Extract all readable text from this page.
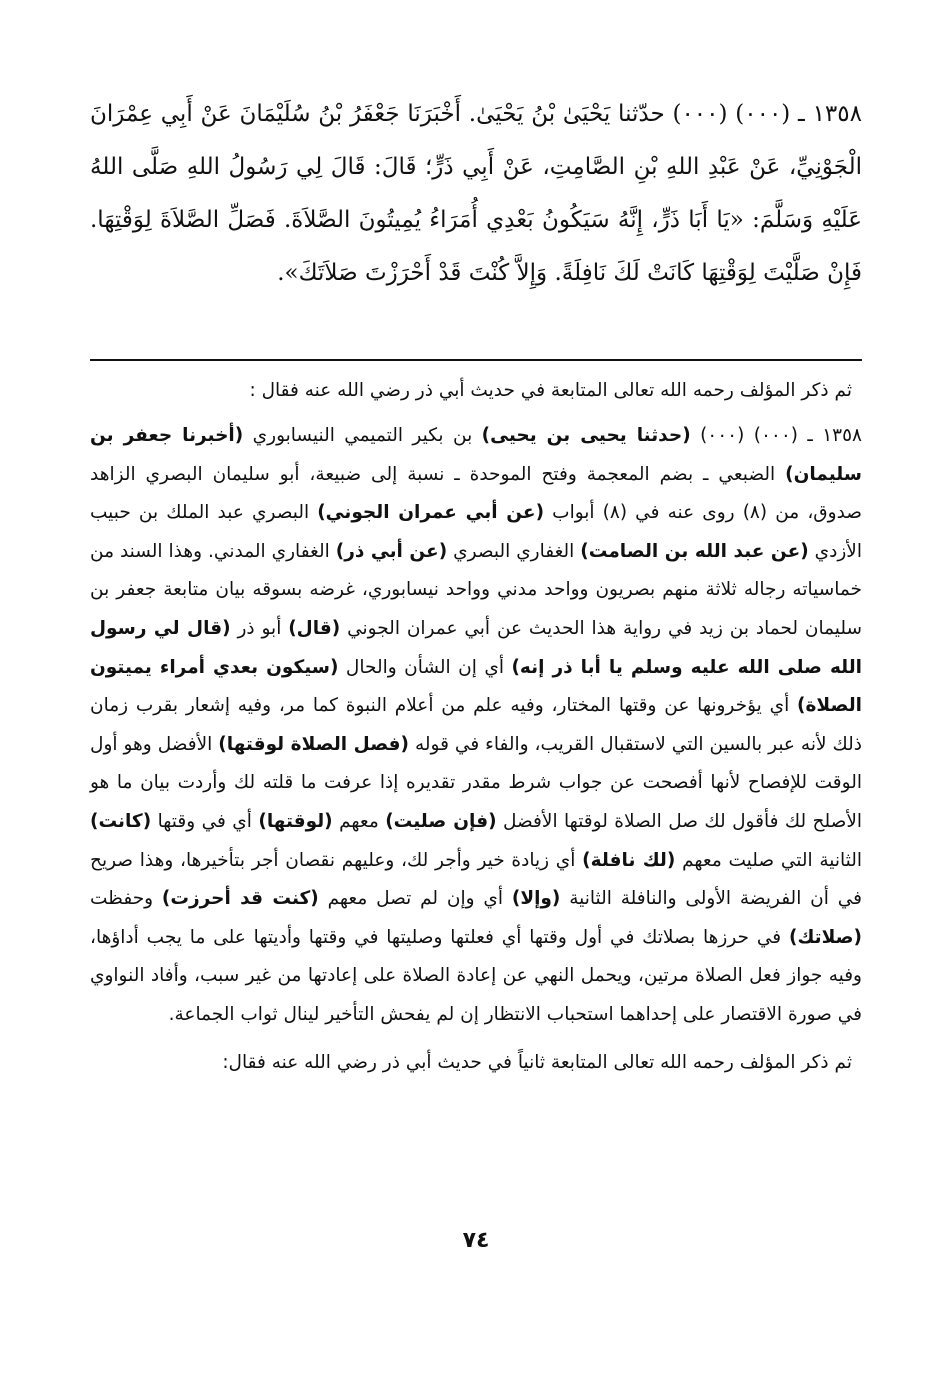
١٣٥٨ ـ (٠٠٠) (٠٠٠) حدّثنا يَحْيَىٰ بْنُ يَحْيَىٰ. أَخْبَرَنَا جَعْفَرُ بْنُ سُلَيْمَانَ عَنْ أَبِي عِمْرَانَ الْجَوْنِيِّ، عَنْ عَبْدِ اللهِ بْنِ الصَّامِتِ، عَنْ أَبِي ذَرٍّ؛ قَالَ: قَالَ لِي رَسُولُ اللهِ صَلَّى اللهُ عَلَيْهِ وَسَلَّمَ: «يَا أَبَا ذَرٍّ، إِنَّهُ سَيَكُونُ بَعْدِي أُمَرَاءُ يُمِيتُونَ الصَّلاَةَ. فَصَلِّ الصَّلاَةَ لِوَقْتِهَا. فَإِنْ صَلَّيْتَ لِوَقْتِهَا كَانَتْ لَكَ نَافِلَةً. وَإِلاَّ كُنْتَ قَدْ أَحْرَزْتَ صَلاَتَكَ».

ثم ذكر المؤلف رحمه الله تعالى المتابعة في حديث أبي ذر رضي الله عنه فقال :

١٣٥٨ ـ (٠٠٠) (٠٠٠) (حدثنا يحيى بن يحيى) بن بكير التميمي النيسابوري (أخبرنا جعفر بن سليمان) الضبعي ـ بضم المعجمة وفتح الموحدة ـ نسبة إلى ضبيعة، أبو سليمان البصري الزاهد صدوق، من (٨) روى عنه في (٨) أبواب (عن أبي عمران الجوني) البصري عبد الملك بن حبيب الأزدي (عن عبد الله بن الصامت) الغفاري البصري (عن أبي ذر) الغفاري المدني. وهذا السند من خماسياته رجاله ثلاثة منهم بصريون وواحد مدني وواحد نيسابوري، غرضه بسوقه بيان متابعة جعفر بن سليمان لحماد بن زيد في رواية هذا الحديث عن أبي عمران الجوني (قال) أبو ذر (قال لي رسول الله صلى الله عليه وسلم يا أبا ذر إنه) أي إن الشأن والحال (سيكون بعدي أمراء يميتون الصلاة) أي يؤخرونها عن وقتها المختار، وفيه علم من أعلام النبوة كما مر، وفيه إشعار بقرب زمان ذلك لأنه عبر بالسين التي لاستقبال القريب، والفاء في قوله (فصل الصلاة لوقتها) الأفضل وهو أول الوقت للإفصاح لأنها أفصحت عن جواب شرط مقدر تقديره إذا عرفت ما قلته لك وأردت بيان ما هو الأصلح لك فأقول لك صل الصلاة لوقتها الأفضل (فإن صليت) معهم (لوقتها) أي في وقتها (كانت) الثانية التي صليت معهم (لك نافلة) أي زيادة خير وأجر لك، وعليهم نقصان أجر بتأخيرها، وهذا صريح في أن الفريضة الأولى والنافلة الثانية (وإلا) أي وإن لم تصل معهم (كنت قد أحرزت) وحفظت (صلاتك) في حرزها بصلاتك في أول وقتها أي فعلتها وصليتها في وقتها وأديتها على ما يجب أداؤها، وفيه جواز فعل الصلاة مرتين، ويحمل النهي عن إعادة الصلاة على إعادتها من غير سبب، وأفاد النواوي في صورة الاقتصار على إحداهما استحباب الانتظار إن لم يفحش التأخير لينال ثواب الجماعة.

ثم ذكر المؤلف رحمه الله تعالى المتابعة ثانياً في حديث أبي ذر رضي الله عنه فقال:

٧٤
